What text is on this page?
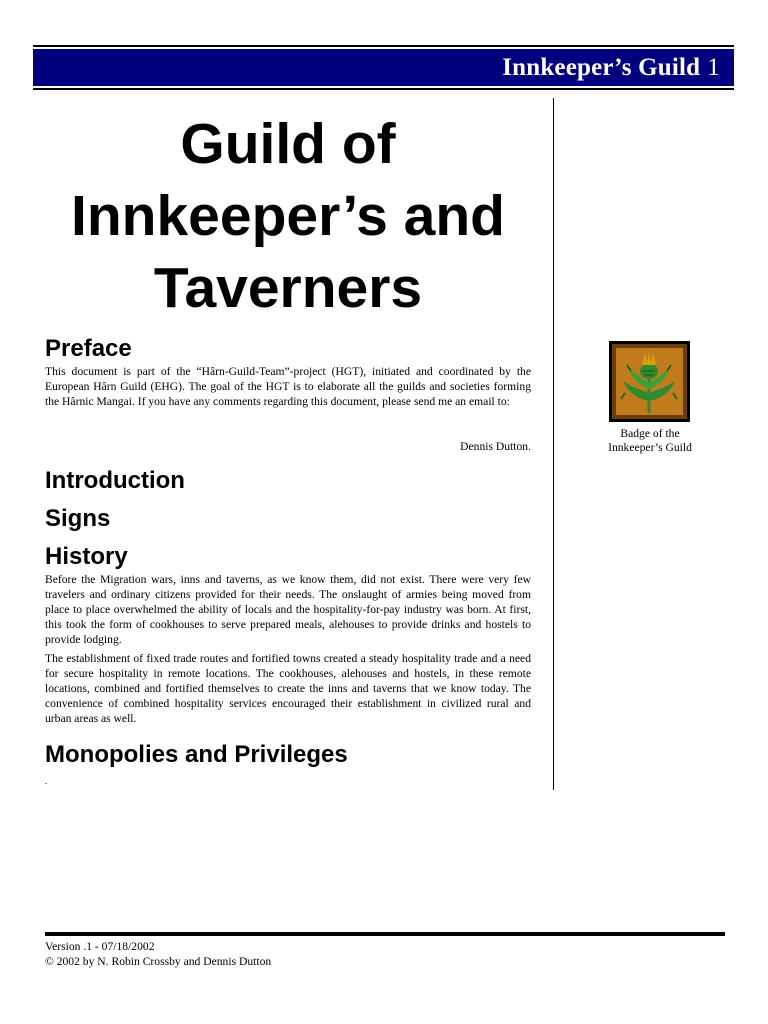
Innkeeper’s Guild 1
Guild of
Innkeeper’s and
Taverners
Preface

This document is part of the “Hârn-Guild-Team”-project (HGT), initiated and coordinated by the European Hârn Guild (EHG). The goal of the HGT is to elaborate all the guilds and societies forming the Hârnic Mangai. If you have any comments regarding this document, please send me an email to:

Dennis Dutton.
Introduction
Signs
History

Before the Migration wars, inns and taverns, as we know them, did not exist. There were very few travelers and ordinary citizens provided for their needs. The onslaught of armies being moved from place to place overwhelmed the ability of locals and the hospitality-for-pay industry was born. At first, this took the form of cookhouses to serve prepared meals, alehouses to provide drinks and hostels to provide lodging.

The establishment of fixed trade routes and fortified towns created a steady hospitality trade and a need for secure hospitality in remote locations. The cookhouses, alehouses and hostels, in these remote locations, combined and fortified themselves to create the inns and taverns that we know today. The convenience of combined hospitality services encouraged their establishment in civilized rural and urban areas as well.

Monopolies and Privileges
.
Badge of the
Innkeeper’s Guild
Version .1 - 07/18/2002
© 2002 by N. Robin Crossby and Dennis Dutton
